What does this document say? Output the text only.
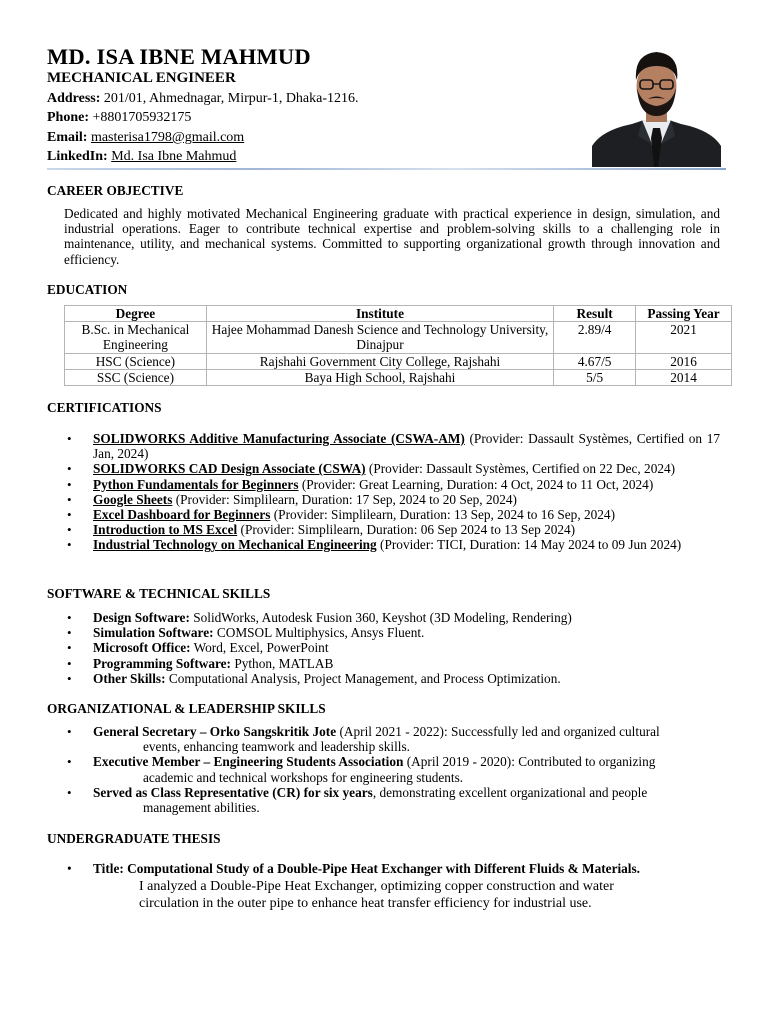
MD. ISA IBNE MAHMUD
MECHANICAL ENGINEER
Address: 201/01, Ahmednagar, Mirpur-1, Dhaka-1216.
Phone: +8801705932175
Email: masterisa1798@gmail.com
LinkedIn: Md. Isa Ibne Mahmud
CAREER OBJECTIVE
Dedicated and highly motivated Mechanical Engineering graduate with practical experience in design, simulation, and industrial operations. Eager to contribute technical expertise and problem-solving skills to a challenging role in maintenance, utility, and mechanical systems. Committed to supporting organizational growth through innovation and efficiency.
EDUCATION
Degree	Institute	Result	Passing Year
B.Sc. in Mechanical Engineering	Hajee Mohammad Danesh Science and Technology University, Dinajpur	2.89/4	2021
HSC (Science)	Rajshahi Government City College, Rajshahi	4.67/5	2016
SSC (Science)	Baya High School, Rajshahi	5/5	2014
CERTIFICATIONS
• SOLIDWORKS Additive Manufacturing Associate (CSWA-AM) (Provider: Dassault Systèmes, Certified on 17 Jan, 2024)
• SOLIDWORKS CAD Design Associate (CSWA) (Provider: Dassault Systèmes, Certified on 22 Dec, 2024)
• Python Fundamentals for Beginners (Provider: Great Learning, Duration: 4 Oct, 2024 to 11 Oct, 2024)
• Google Sheets (Provider: Simplilearn, Duration: 17 Sep, 2024 to 20 Sep, 2024)
• Excel Dashboard for Beginners (Provider: Simplilearn, Duration: 13 Sep, 2024 to 16 Sep, 2024)
• Introduction to MS Excel (Provider: Simplilearn, Duration: 06 Sep 2024 to 13 Sep 2024)
• Industrial Technology on Mechanical Engineering (Provider: TICI, Duration: 14 May 2024 to 09 Jun 2024)
SOFTWARE & TECHNICAL SKILLS
• Design Software: SolidWorks, Autodesk Fusion 360, Keyshot (3D Modeling, Rendering)
• Simulation Software: COMSOL Multiphysics, Ansys Fluent.
• Microsoft Office: Word, Excel, PowerPoint
• Programming Software: Python, MATLAB
• Other Skills: Computational Analysis, Project Management, and Process Optimization.
ORGANIZATIONAL & LEADERSHIP SKILLS
• General Secretary – Orko Sangskritik Jote (April 2021 - 2022): Successfully led and organized cultural
events, enhancing teamwork and leadership skills.
• Executive Member – Engineering Students Association (April 2019 - 2020): Contributed to organizing
academic and technical workshops for engineering students.
• Served as Class Representative (CR) for six years, demonstrating excellent organizational and people
management abilities.
UNDERGRADUATE THESIS
• Title: Computational Study of a Double-Pipe Heat Exchanger with Different Fluids & Materials.
I analyzed a Double-Pipe Heat Exchanger, optimizing copper construction and water
circulation in the outer pipe to enhance heat transfer efficiency for industrial use.
